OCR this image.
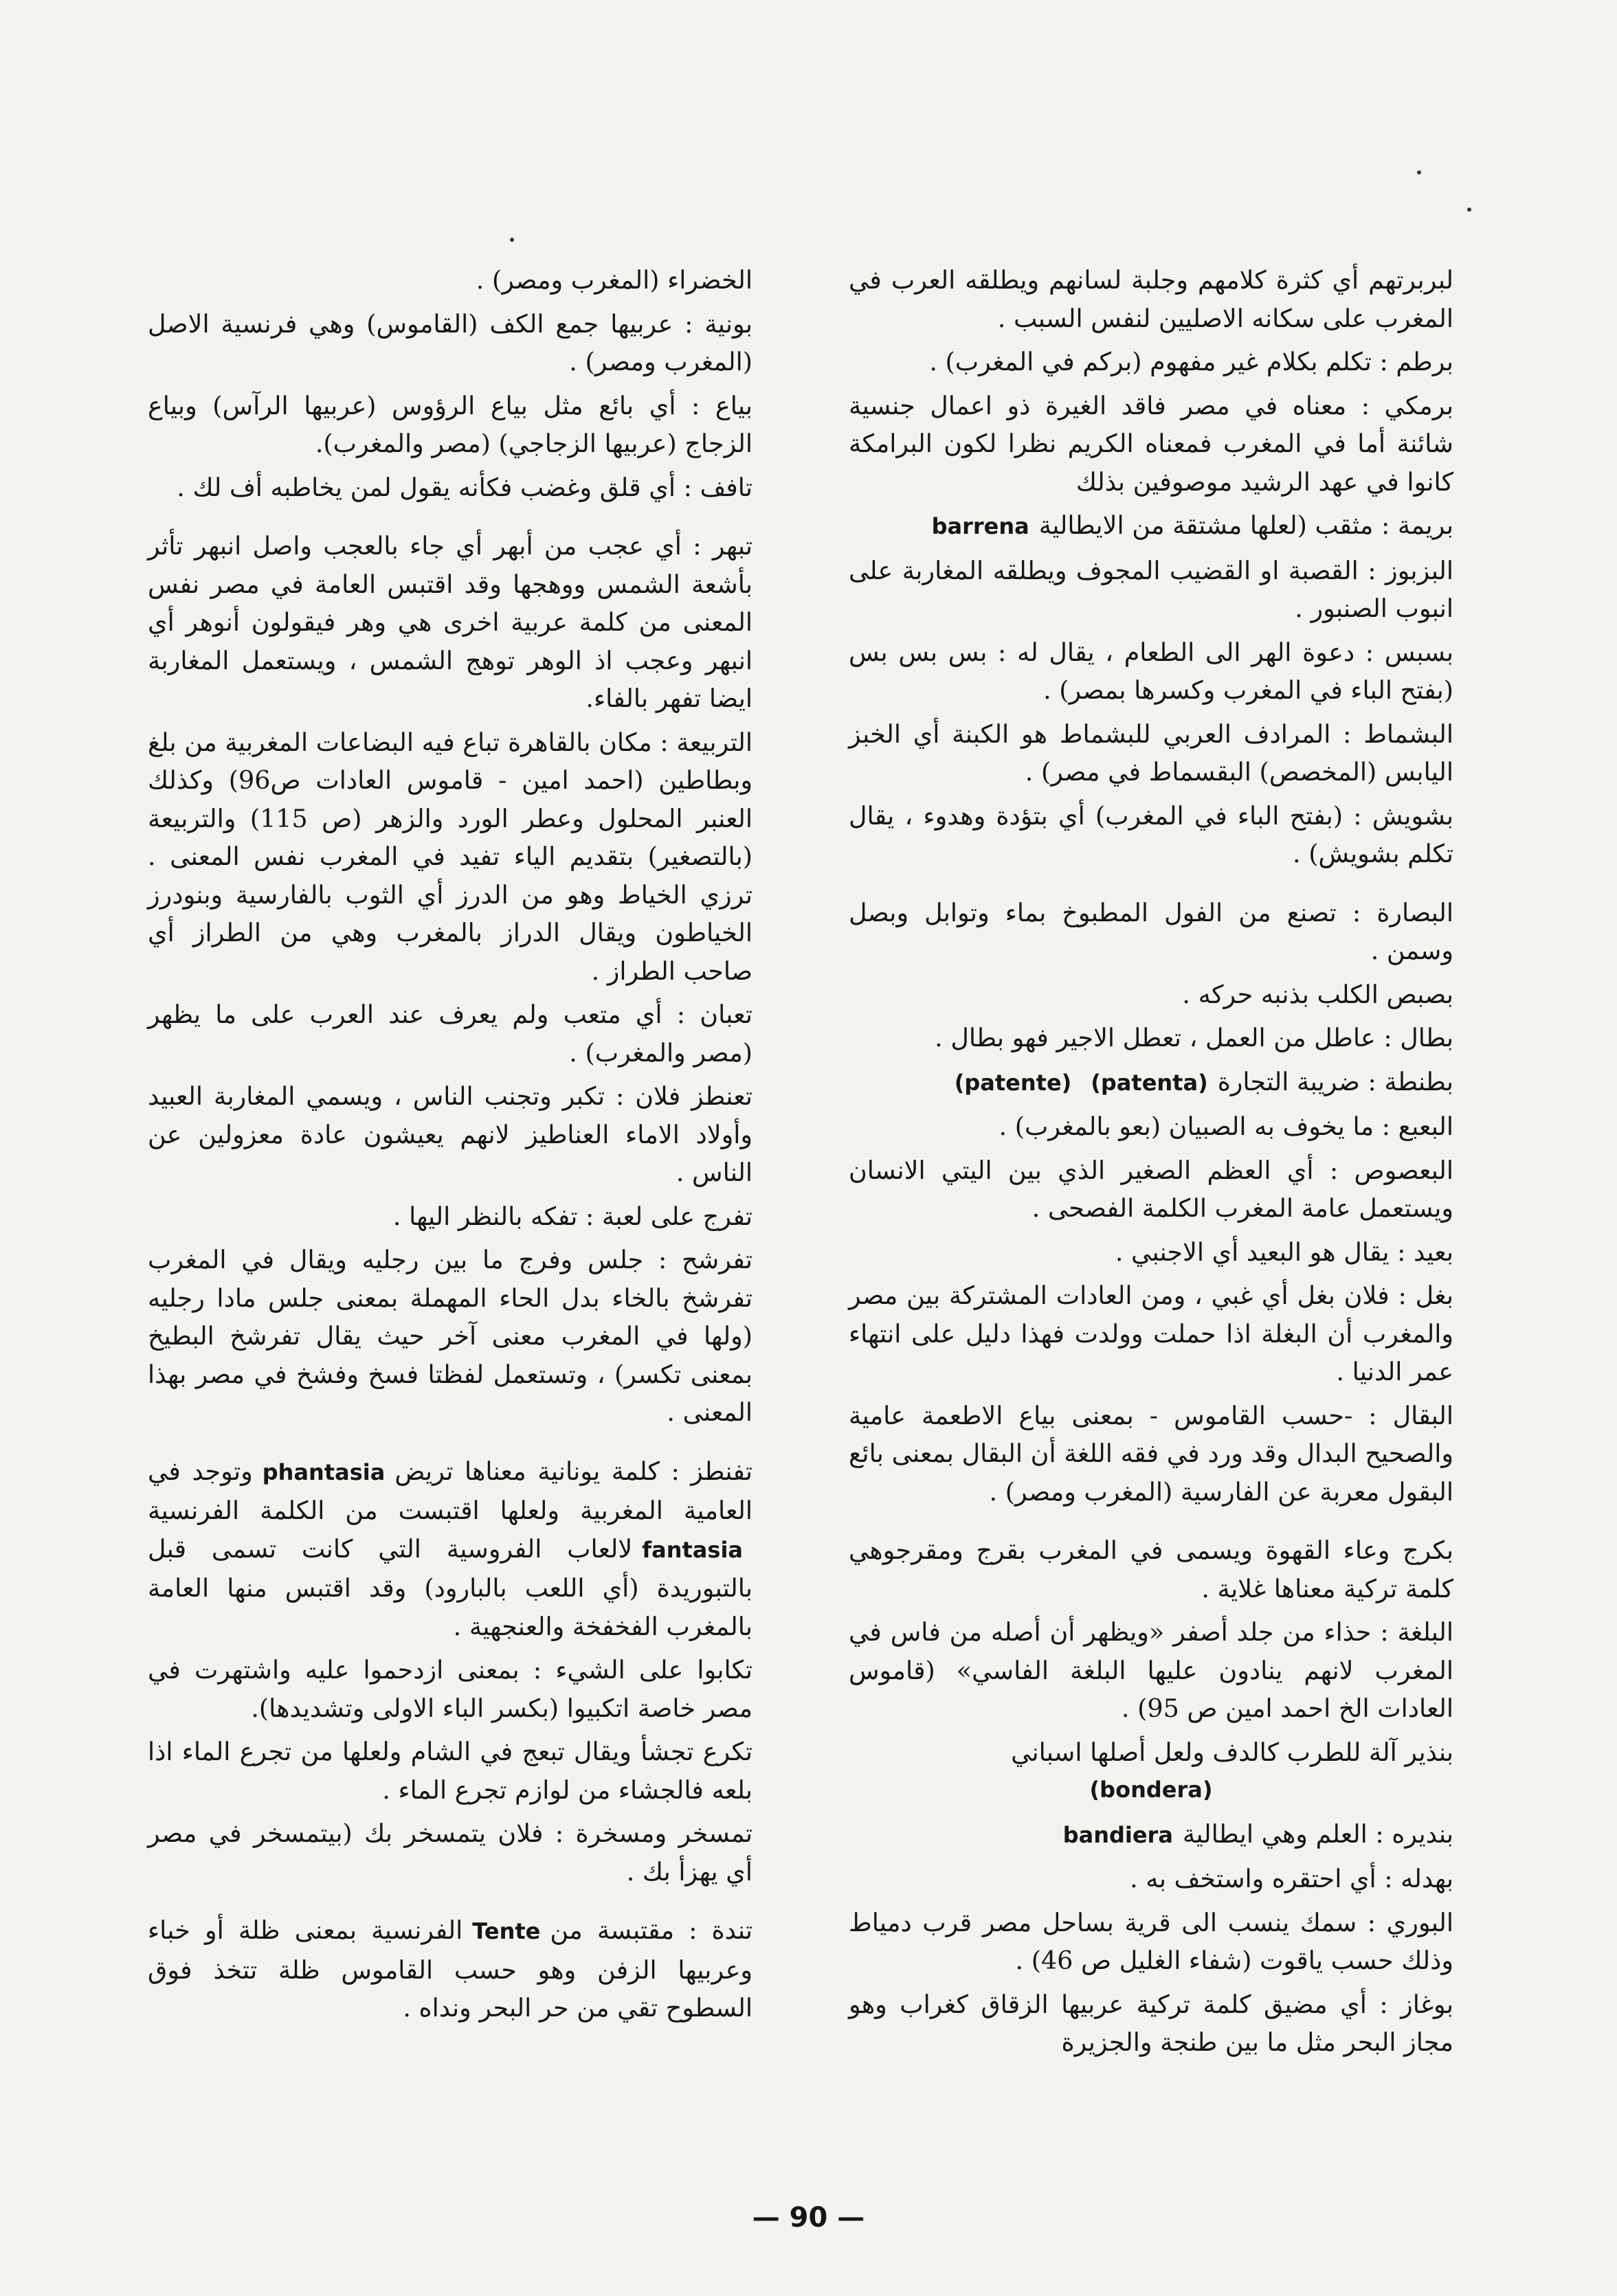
لبربرتهم أي كثرة كلامهم وجلبة لسانهم ويطلقه العرب في المغرب على سكانه الاصليين لنفس السبب .

برطم : تكلم بكلام غير مفهوم (بركم في المغرب) .

برمكي : معناه في مصر فاقد الغيرة ذو اعمال جنسية شائنة أما في المغرب فمعناه الكريم نظرا لكون البرامكة كانوا في عهد الرشيد موصوفين بذلك

بريمة : مثقب (لعلها مشتقة من الايطاليةbarrena

البزبوز : القصبة او القضيب المجوف ويطلقه المغاربة على انبوب الصنبور .

بسبس : دعوة الهر الى الطعام ، يقال له : بس بس بس (بفتح الباء في المغرب وكسرها بمصر) .

البشماط : المرادف العربي للبشماط هو الكبنة أي الخبز اليابس (المخصص) البقسماط في مصر) .

بشويش : (بفتح الباء في المغرب) أي بتؤدة وهدوء ، يقال تكلم بشويش) .

البصارة : تصنع من الفول المطبوخ بماء وتوابل وبصل وسمن .

بصبص الكلب بذنبه حركه .

بطال : عاطل من العمل ، تعطل الاجير فهو بطال .

بطنطة : ضريبة التجارة(patenta)(patente)

البعبع : ما يخوف به الصبيان (بعو بالمغرب) .

البعصوص : أي العظم الصغير الذي بين اليتي الانسان ويستعمل عامة المغرب الكلمة الفصحى .

بعيد : يقال هو البعيد أي الاجنبي .

بغل : فلان بغل أي غبي ، ومن العادات المشتركة بين مصر والمغرب أن البغلة اذا حملت وولدت فهذا دليل على انتهاء عمر الدنيا .

البقال : -حسب القاموس - بمعنى بياع الاطعمة عامية والصحيح البدال وقد ورد في فقه اللغة أن البقال بمعنى بائع البقول معربة عن الفارسية (المغرب ومصر) .

بكرج وعاء القهوة ويسمى في المغرب بقرج ومقرجوهي كلمة تركية معناها غلاية .

البلغة : حذاء من جلد أصفر «ويظهر أن أصله من فاس في المغرب لانهم ينادون عليها البلغة الفاسي» (قاموس العادات الخ احمد امين ص 95) .

بنذير آلة للطرب كالدف ولعل أصلها اسباني
(bondera)

بنديره : العلم وهي ايطاليةbandiera

بهدله : أي احتقره واستخف به .

البوري : سمك ينسب الى قرية بساحل مصر قرب دمياط وذلك حسب ياقوت (شفاء الغليل ص 46) .

بوغاز : أي مضيق كلمة تركية عربيها الزقاق كغراب وهو مجاز البحر مثل ما بين طنجة والجزيرة

الخضراء (المغرب ومصر) .

بونية : عربيها جمع الكف (القاموس) وهي فرنسية الاصل (المغرب ومصر) .

بياع : أي بائع مثل بياع الرؤوس (عربيها الرآس) وبياع الزجاج (عربيها الزجاجي) (مصر والمغرب).

تافف : أي قلق وغضب فكأنه يقول لمن يخاطبه أف لك .

تبهر : أي عجب من أبهر أي جاء بالعجب واصل انبهر تأثر بأشعة الشمس ووهجها وقد اقتبس العامة في مصر نفس المعنى من كلمة عربية اخرى هي وهر فيقولون أنوهر أي انبهر وعجب اذ الوهر توهج الشمس ، ويستعمل المغاربة ايضا تفهر بالفاء.

التربيعة : مكان بالقاهرة تباع فيه البضاعات المغربية من بلغ وبطاطين (احمد امين - قاموس العادات ص96) وكذلك العنبر المحلول وعطر الورد والزهر (ص 115) والتربيعة (بالتصغير) بتقديم الياء تفيد في المغرب نفس المعنى . ترزي الخياط وهو من الدرز أي الثوب بالفارسية وبنودرز الخياطون ويقال الدراز بالمغرب وهي من الطراز أي صاحب الطراز .

تعبان : أي متعب ولم يعرف عند العرب على ما يظهر (مصر والمغرب) .

تعنطز فلان : تكبر وتجنب الناس ، ويسمي المغاربة العبيد وأولاد الاماء العناطيز لانهم يعيشون عادة معزولين عن الناس .

تفرج على لعبة : تفكه بالنظر اليها .

تفرشح : جلس وفرج ما بين رجليه ويقال في المغرب تفرشخ بالخاء بدل الحاء المهملة بمعنى جلس مادا رجليه (ولها في المغرب معنى آخر حيث يقال تفرشخ البطيخ بمعنى تكسر) ، وتستعمل لفظتا فسخ وفشخ في مصر بهذا المعنى .

تفنطز : كلمة يونانية معناها تريضphantasiaوتوجد في العامية المغربية ولعلها اقتبست من الكلمة الفرنسيةfantasiaلالعاب الفروسية التي كانت تسمى قبل بالتبوريدة (أي اللعب بالبارود) وقد اقتبس منها العامة بالمغرب الفخفخة والعنجهية .

تكابوا على الشيء : بمعنى ازدحموا عليه واشتهرت في مصر خاصة اتكبيوا (بكسر الباء الاولى وتشديدها).

تكرع تجشأ ويقال تبعج في الشام ولعلها من تجرع الماء اذا بلعه فالجشاء من لوازم تجرع الماء .

تمسخر ومسخرة : فلان يتمسخر بك (بيتمسخر في مصر أي يهزأ بك .

تندة : مقتبسة منTenteالفرنسية بمعنى ظلة أو خباء وعربيها الزفن وهو حسب القاموس ظلة تتخذ فوق السطوح تقي من حر البحر ونداه .

— 90 —
